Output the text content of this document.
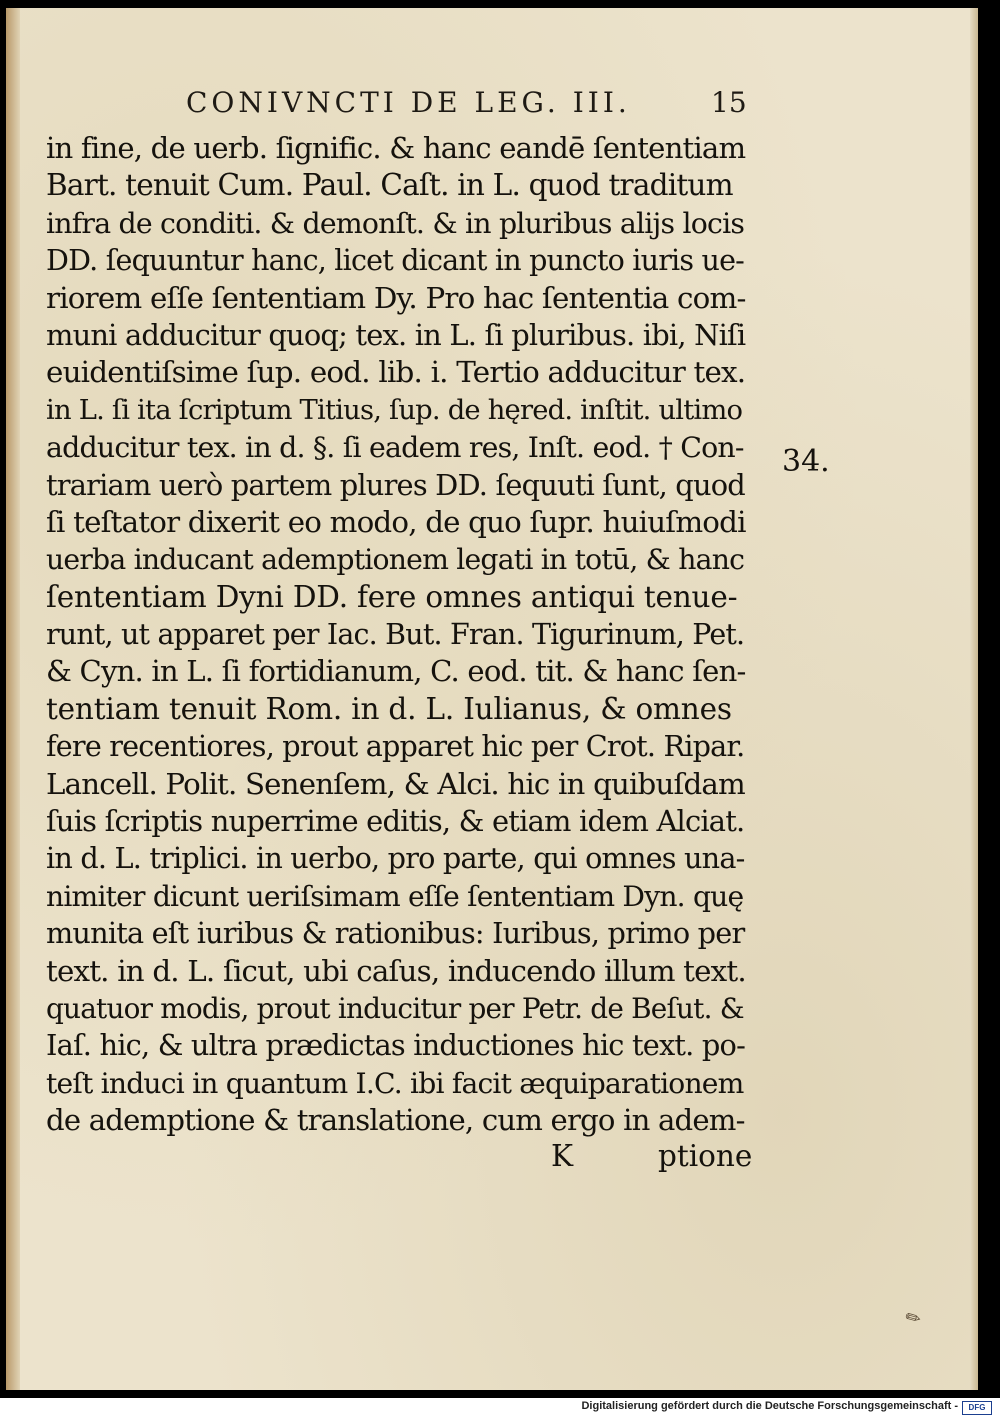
CONIVNCTI DE LEG. III.	15
in fine, de uerb. ſignific. & hanc eandē ſententiam
Bart. tenuit Cum. Paul. Caſt. in L. quod traditum
infra de conditi. & demonſt. & in pluribus alijs locis
DD. ſequuntur hanc, licet dicant in puncto iuris ue-
riorem eſſe ſententiam Dy. Pro hac ſententia com-
muni adducitur quoq; tex. in L. ſi pluribus. ibi, Niſi
euidentiſsime ſup. eod. lib. i. Tertio adducitur tex.
in L. ſi ita ſcriptum Titius, ſup. de hęred. inſtit. ultimo
adducitur tex. in d. §. ſi eadem res, Inſt. eod. † Con-
trariam uerò partem plures DD. ſequuti ſunt, quod
ſi teſtator dixerit eo modo, de quo ſupr. huiuſmodi
uerba inducant ademptionem legati in totū, & hanc
ſententiam Dyni DD. fere omnes antiqui tenue-
runt, ut apparet per Iac. But. Fran. Tigurinum, Pet.
& Cyn. in L. ſi fortidianum, C. eod. tit. & hanc ſen-
tentiam tenuit Rom. in d. L. Iulianus, & omnes
fere recentiores, prout apparet hic per Crot. Ripar.
Lancell. Polit. Senenſem, & Alci. hic in quibuſdam
ſuis ſcriptis nuperrime editis, & etiam idem Alciat.
in d. L. triplici. in uerbo, pro parte, qui omnes una-
nimiter dicunt ueriſsimam eſſe ſententiam Dyn. quę
munita eſt iuribus & rationibus: Iuribus, primo per
text. in d. L. ſicut, ubi caſus, inducendo illum text.
quatuor modis, prout inducitur per Petr. de Beſut. &
Iaſ. hic, & ultra prædictas inductiones hic text. po-
teſt induci in quantum I.C. ibi facit æquiparationem
de ademptione & translatione, cum ergo in adem-
34.
K	ptione
✎
Digitalisierung gefördert durch die Deutsche Forschungsgemeinschaft -	DFG
